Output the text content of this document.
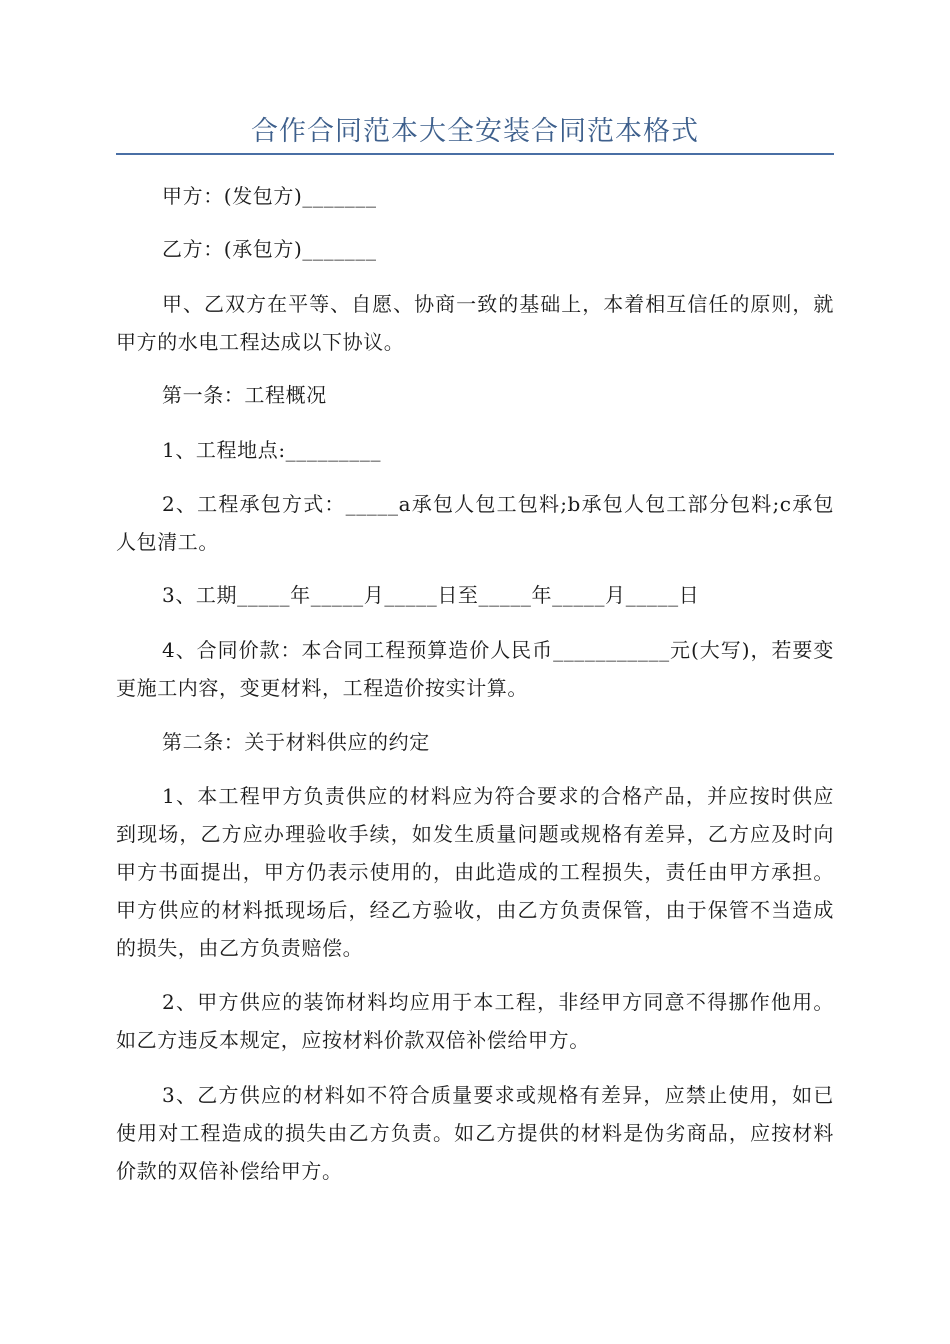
合作合同范本大全安装合同范本格式

甲方：(发包方)_______

乙方：(承包方)_______

甲、乙双方在平等、自愿、协商一致的基础上，本着相互信任的原则，就甲方的水电工程达成以下协议。

第一条：工程概况

1、工程地点:_________

2、工程承包方式：_____a承包人包工包料;b承包人包工部分包料;c承包人包清工。

3、工期_____年_____月_____日至_____年_____月_____日

4、合同价款：本合同工程预算造价人民币___________元(大写)，若要变更施工内容，变更材料，工程造价按实计算。

第二条：关于材料供应的约定

1、本工程甲方负责供应的材料应为符合要求的合格产品，并应按时供应到现场，乙方应办理验收手续，如发生质量问题或规格有差异，乙方应及时向甲方书面提出，甲方仍表示使用的，由此造成的工程损失，责任由甲方承担。甲方供应的材料抵现场后，经乙方验收，由乙方负责保管，由于保管不当造成的损失，由乙方负责赔偿。

2、甲方供应的装饰材料均应用于本工程，非经甲方同意不得挪作他用。如乙方违反本规定，应按材料价款双倍补偿给甲方。

3、乙方供应的材料如不符合质量要求或规格有差异，应禁止使用，如已使用对工程造成的损失由乙方负责。如乙方提供的材料是伪劣商品，应按材料价款的双倍补偿给甲方。
